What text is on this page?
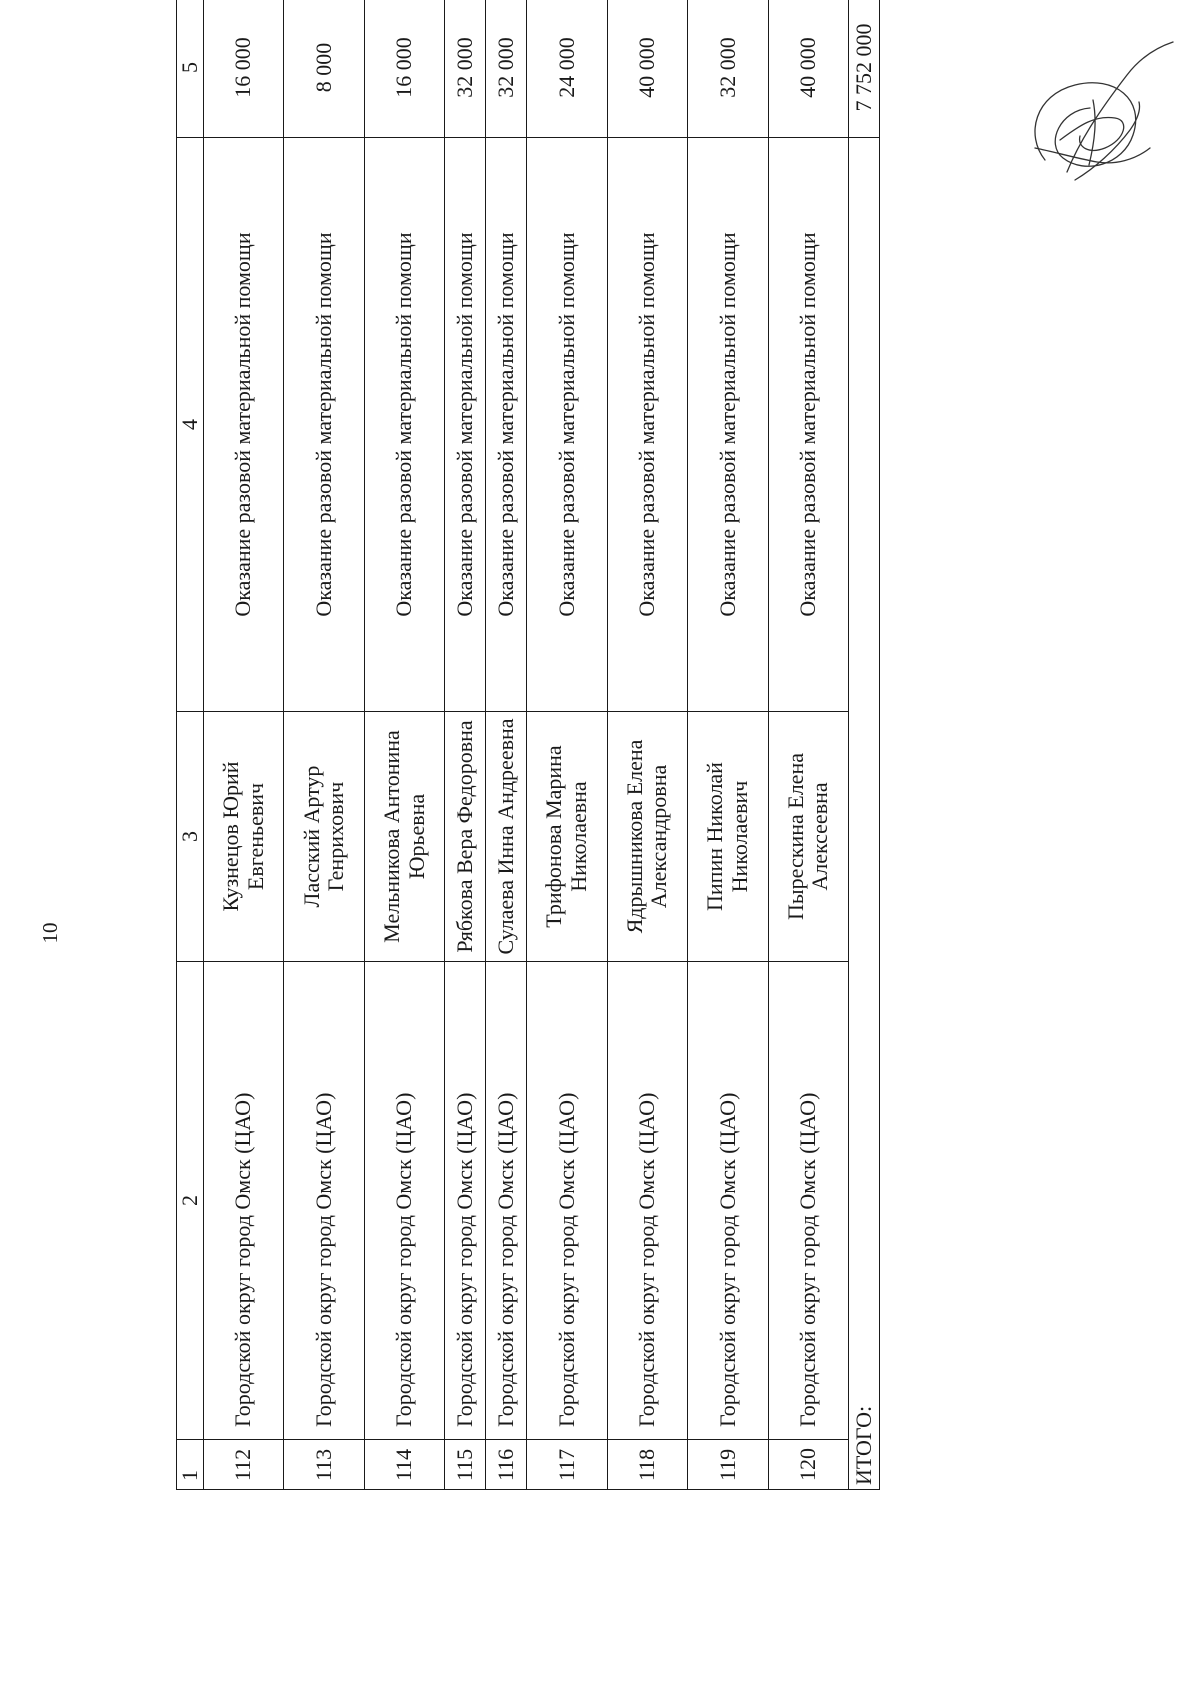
10
1	2	3	4	5
112	Городской округ город Омск (ЦАО)	Кузнецов Юрий Евгеньевич	Оказание разовой материальной помощи	16 000
113	Городской округ город Омск (ЦАО)	Ласский Артур Генрихович	Оказание разовой материальной помощи	8 000
114	Городской округ город Омск (ЦАО)	Мельникова Антонина Юрьевна	Оказание разовой материальной помощи	16 000
115	Городской округ город Омск (ЦАО)	Рябкова Вера Федоровна	Оказание разовой материальной помощи	32 000
116	Городской округ город Омск (ЦАО)	Сулаева Инна Андреевна	Оказание разовой материальной помощи	32 000
117	Городской округ город Омск (ЦАО)	Трифонова Марина Николаевна	Оказание разовой материальной помощи	24 000
118	Городской округ город Омск (ЦАО)	Ядрышникова Елена Александровна	Оказание разовой материальной помощи	40 000
119	Городской округ город Омск (ЦАО)	Пипин Николай Николаевич	Оказание разовой материальной помощи	32 000
120	Городской округ город Омск (ЦАО)	Пырескина Елена Алексеевна	Оказание разовой материальной помощи	40 000
ИТОГО:				7 752 000
